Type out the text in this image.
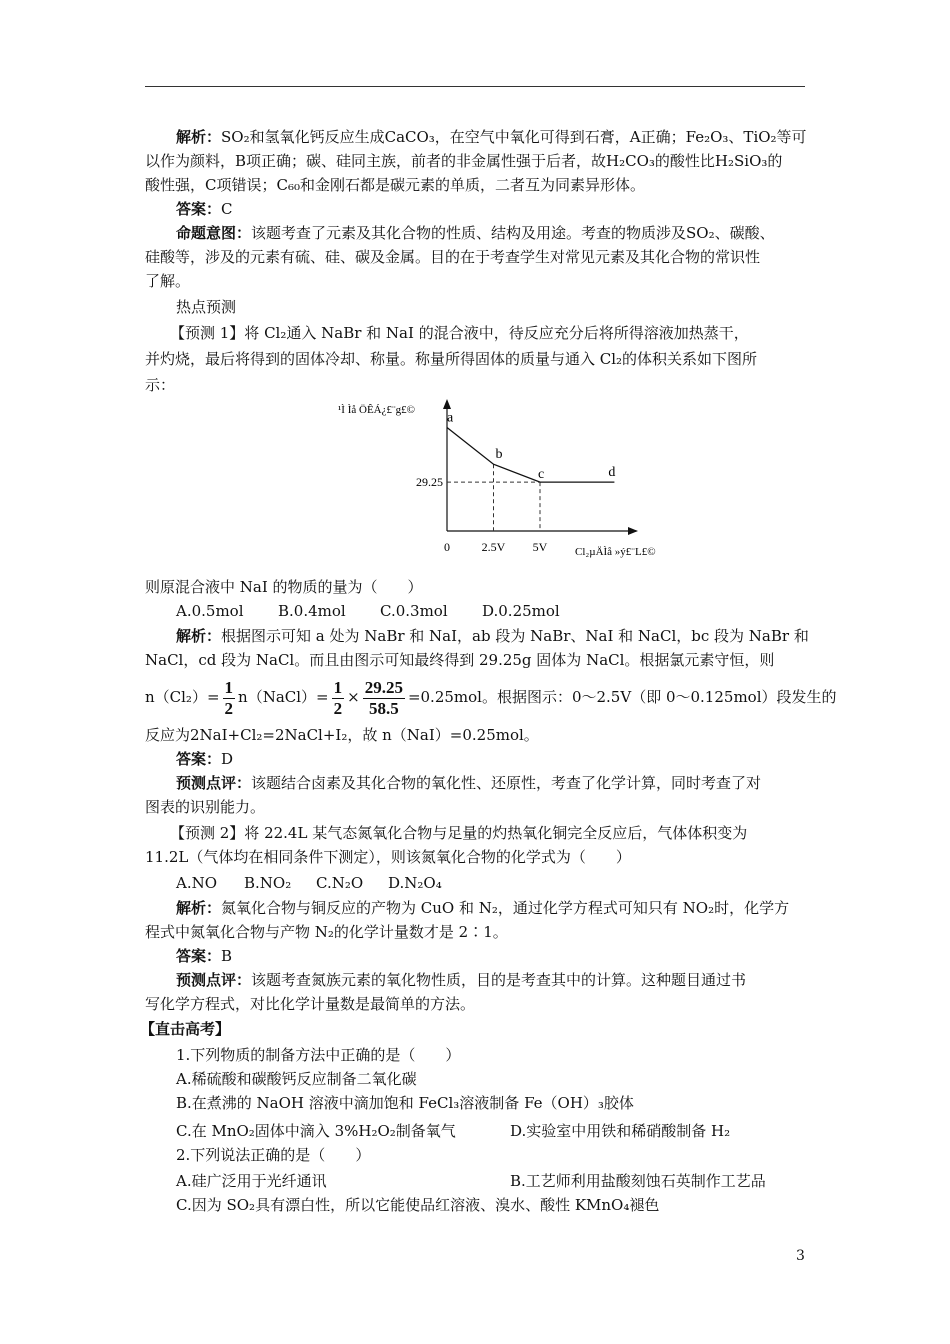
解析：SO₂和氢氧化钙反应生成CaCO₃，在空气中氧化可得到石膏，A正确；Fe₂O₃、TiO₂等可
以作为颜料，B项正确；碳、硅同主族，前者的非金属性强于后者，故H₂CO₃的酸性比H₂SiO₃的
酸性强，C项错误；C₆₀和金刚石都是碳元素的单质，二者互为同素异形体。
答案：C
命题意图：该题考查了元素及其化合物的性质、结构及用途。考查的物质涉及SO₂、碳酸、
硅酸等，涉及的元素有硫、硅、碳及金属。目的在于考查学生对常见元素及其化合物的常识性
了解。
热点预测
【预测 1】将 Cl₂通入 NaBr 和 NaI 的混合液中，待反应充分后将所得溶液加热蒸干，
并灼烧，最后将得到的固体冷却、称量。称量所得固体的质量与通入 Cl₂的体积关系如下图所
示：
¹Ì Ìå ÖÊÁ¿£¨g£©
Cl₂µÄÌå »ý£¨L£©
a
b
c	d
0	2.5V 5V
29.25
则原混合液中 NaI 的物质的量为（　　）
A.0.5mol B.0.4mol C.0.3mol D.0.25mol
解析：根据图示可知 a 处为 NaBr 和 NaI，ab 段为 NaBr、NaI 和 NaCl，bc 段为 NaBr 和
NaCl，cd 段为 NaCl。而且由图示可知最终得到 29.25g 固体为 NaCl。根据氯元素守恒，则
$n(Cl_2)= \frac{1}{2}$ n（NaCl）= $\frac{1}{2} \times \frac{29.25}{58.5} =0.25mol$。根据图示：0～2.5V（即 0～0.125mol）段发生的
反应为2NaI+Cl₂=2NaCl+I₂，故 n（NaI）=0.25mol。
答案：D
预测点评：该题结合卤素及其化合物的氧化性、还原性，考查了化学计算，同时考查了对
图表的识别能力。
【预测 2】将 22.4L 某气态氮氧化合物与足量的灼热氧化铜完全反应后，气体体积变为
11.2L（气体均在相同条件下测定），则该氮氧化合物的化学式为（　　）
A.NO B.NO₂ C.N₂O D.N₂O₄
解析：氮氧化合物与铜反应的产物为 CuO 和 N₂，通过化学方程式可知只有 NO₂时，化学方
程式中氮氧化合物与产物 N₂的化学计量数才是 2∶1。
答案：B
预测点评：该题考查氮族元素的氧化物性质，目的是考查其中的计算。这种题目通过书
写化学方程式，对比化学计量数是最简单的方法。
【直击高考】
1.下列物质的制备方法中正确的是（　　）
A.稀硫酸和碳酸钙反应制备二氧化碳
B.在煮沸的 NaOH 溶液中滴加饱和 FeCl₃溶液制备 Fe（OH）₃胶体
C.在 MnO₂固体中滴入 3%H₂O₂制备氧气	D.实验室中用铁和稀硝酸制备 H₂
2.下列说法正确的是（　　）
A.硅广泛用于光纤通讯	B.工艺师利用盐酸刻蚀石英制作工艺品
C.因为 SO₂具有漂白性，所以它能使品红溶液、溴水、酸性 KMnO₄褪色
3
